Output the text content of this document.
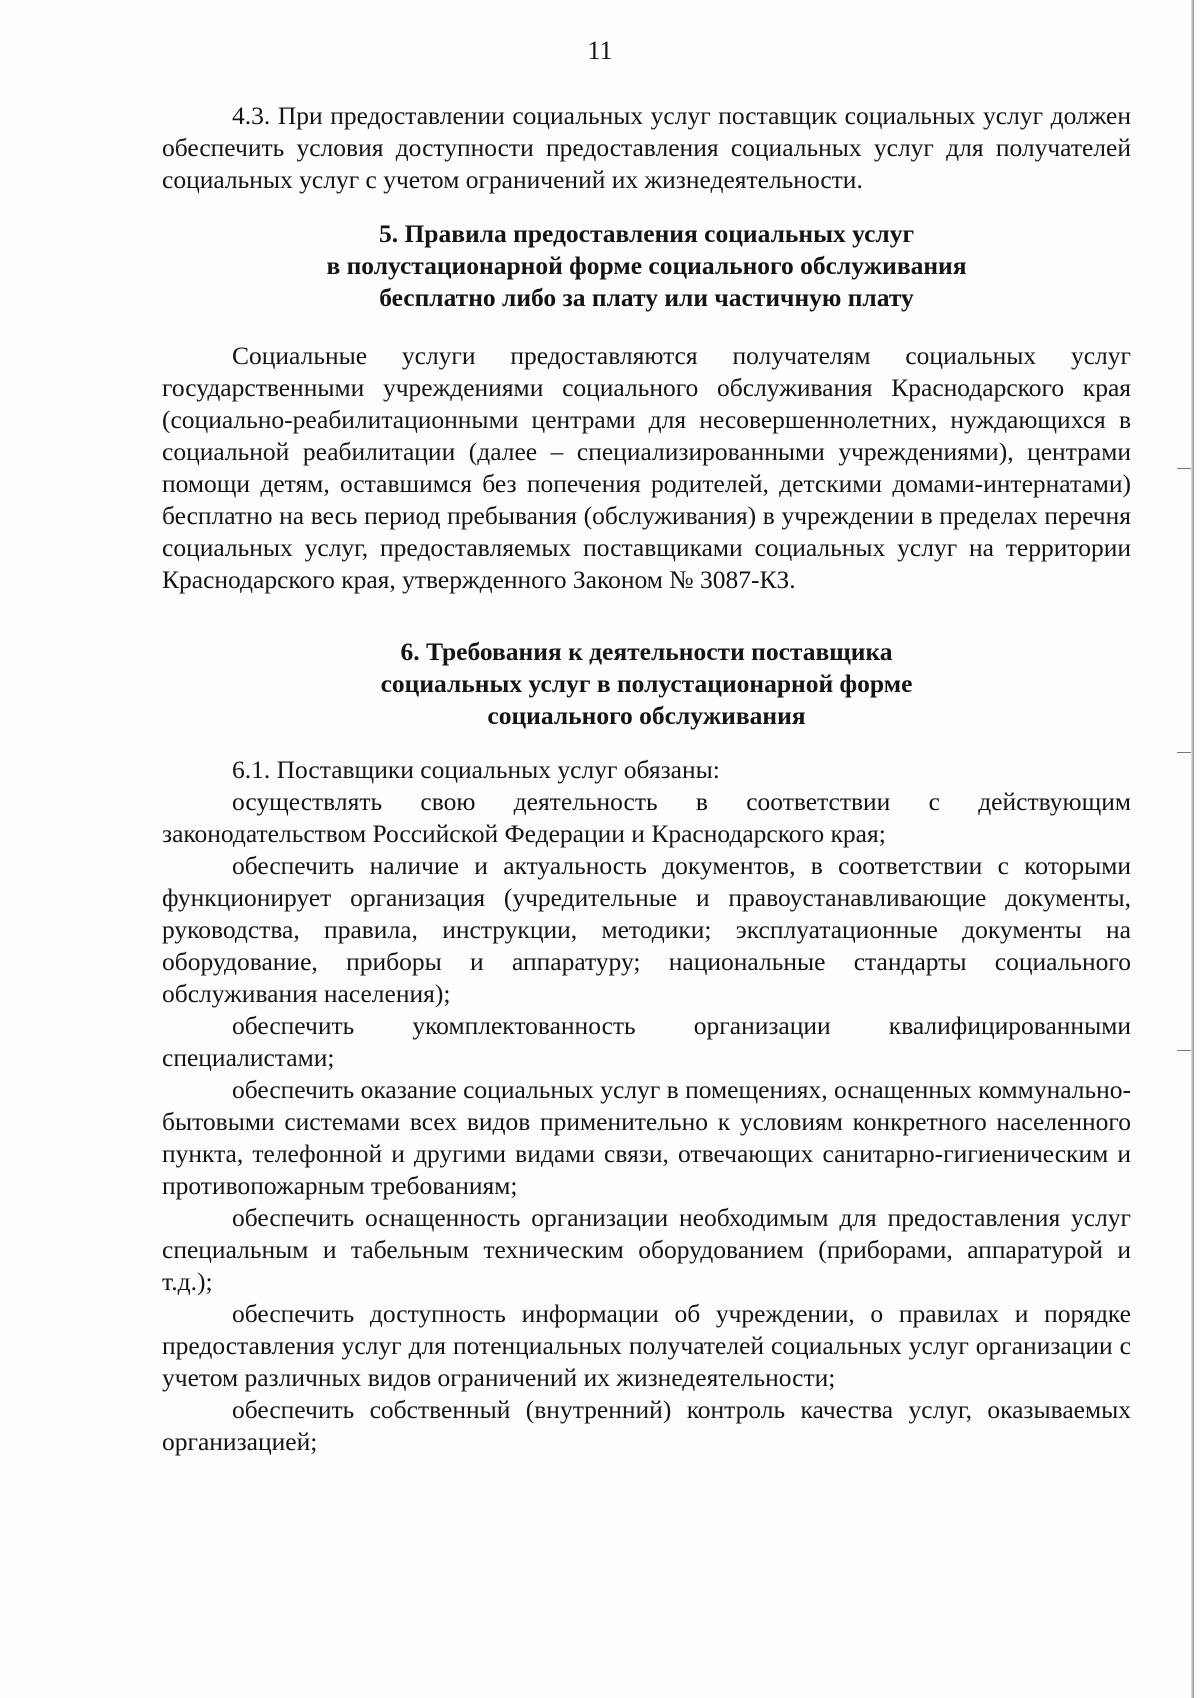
11

4.3. При предоставлении социальных услуг поставщик социальных услуг должен обеспечить условия доступности предоставления социальных услуг для получателей социальных услуг с учетом ограничений их жизнедеятельности.

5. Правила предоставления социальных услуг
в полустационарной форме социального обслуживания
бесплатно либо за плату или частичную плату

Социальные услуги предоставляются получателям социальных услуг государственными учреждениями социального обслуживания Краснодарского края (социально-реабилитационными центрами для несовершеннолетних, нуждающихся в социальной реабилитации (далее – специализированными учреждениями), центрами помощи детям, оставшимся без попечения родителей, детскими домами-интернатами) бесплатно на весь период пребывания (обслуживания) в учреждении в пределах перечня социальных услуг, предоставляемых поставщиками социальных услуг на территории Краснодарского края, утвержденного Законом № 3087-КЗ.

6. Требования к деятельности поставщика
социальных услуг в полустационарной форме
социального обслуживания

6.1. Поставщики социальных услуг обязаны:

осуществлять свою деятельность в соответствии с действующим законодательством Российской Федерации и Краснодарского края;

обеспечить наличие и актуальность документов, в соответствии с которыми функционирует организация (учредительные и правоустанавливающие документы, руководства, правила, инструкции, методики; эксплуатационные документы на оборудование, приборы и аппаратуру; национальные стандарты социального обслуживания населения);

обеспечить укомплектованность организации квалифицированными специалистами;

обеспечить оказание социальных услуг в помещениях, оснащенных коммунально-бытовыми системами всех видов применительно к условиям конкретного населенного пункта, телефонной и другими видами связи, отвечающих санитарно-гигиеническим и противопожарным требованиям;

обеспечить оснащенность организации необходимым для предоставления услуг специальным и табельным техническим оборудованием (приборами, аппаратурой и т.д.);

обеспечить доступность информации об учреждении, о правилах и порядке предоставления услуг для потенциальных получателей социальных услуг организации с учетом различных видов ограничений их жизнедеятельности;

обеспечить собственный (внутренний) контроль качества услуг, оказываемых организацией;
